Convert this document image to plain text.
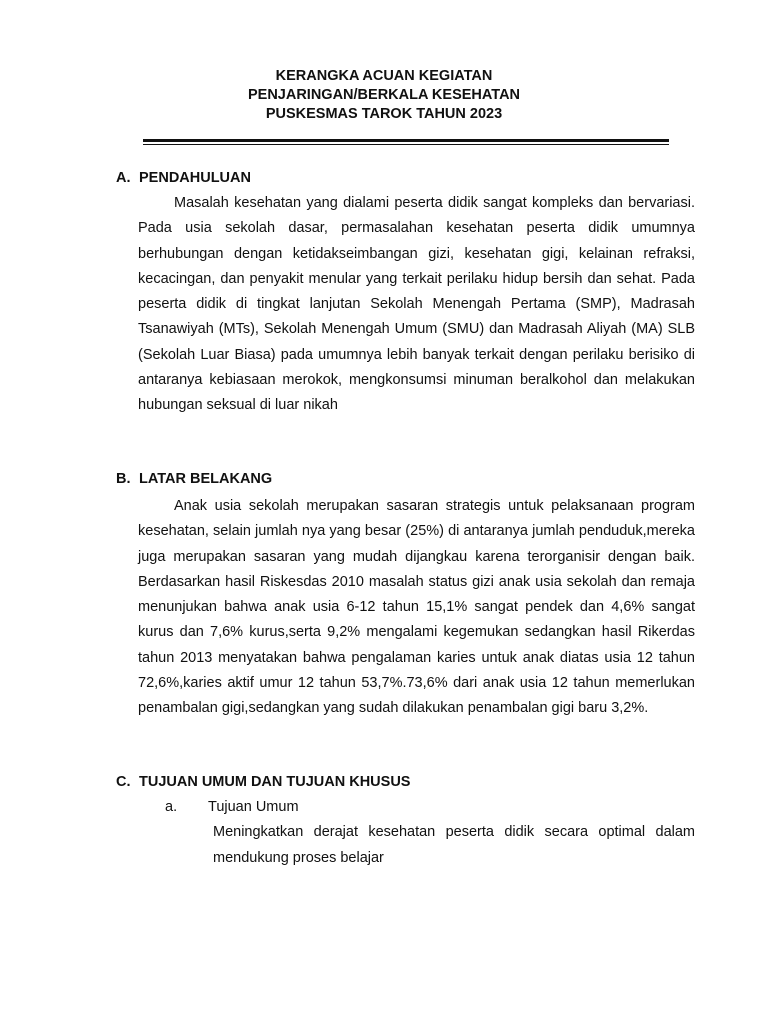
KERANGKA ACUAN KEGIATAN
PENJARINGAN/BERKALA KESEHATAN
PUSKESMAS TAROK TAHUN 2023
A. PENDAHULUAN

Masalah kesehatan yang dialami peserta didik sangat kompleks dan bervariasi. Pada usia sekolah dasar, permasalahan kesehatan peserta didik umumnya berhubungan dengan ketidakseimbangan gizi, kesehatan gigi, kelainan refraksi, kecacingan, dan penyakit menular yang terkait perilaku hidup bersih dan sehat. Pada peserta didik di tingkat lanjutan Sekolah Menengah Pertama (SMP), Madrasah Tsanawiyah (MTs), Sekolah Menengah Umum (SMU) dan Madrasah Aliyah (MA) SLB (Sekolah Luar Biasa) pada umumnya lebih banyak terkait dengan perilaku berisiko di antaranya kebiasaan merokok, mengkonsumsi minuman beralkohol dan melakukan hubungan seksual di luar nikah

B. LATAR BELAKANG

Anak usia sekolah merupakan sasaran strategis untuk pelaksanaan program kesehatan, selain jumlah nya yang besar (25%) di antaranya jumlah penduduk,mereka juga merupakan sasaran yang mudah dijangkau karena terorganisir dengan baik. Berdasarkan hasil Riskesdas 2010 masalah status gizi anak usia sekolah dan remaja menunjukan bahwa anak usia 6-12 tahun 15,1% sangat pendek dan 4,6% sangat kurus dan 7,6% kurus,serta 9,2% mengalami kegemukan sedangkan hasil Rikerdas tahun 2013 menyatakan bahwa pengalaman karies untuk anak diatas usia 12 tahun 72,6%,karies aktif umur 12 tahun 53,7%.73,6% dari anak usia 12 tahun memerlukan penambalan gigi,sedangkan yang sudah dilakukan penambalan gigi baru 3,2%.

C. TUJUAN UMUM DAN TUJUAN KHUSUS
a. Tujuan Umum

Meningkatkan derajat kesehatan peserta didik secara optimal dalam mendukung proses belajar
